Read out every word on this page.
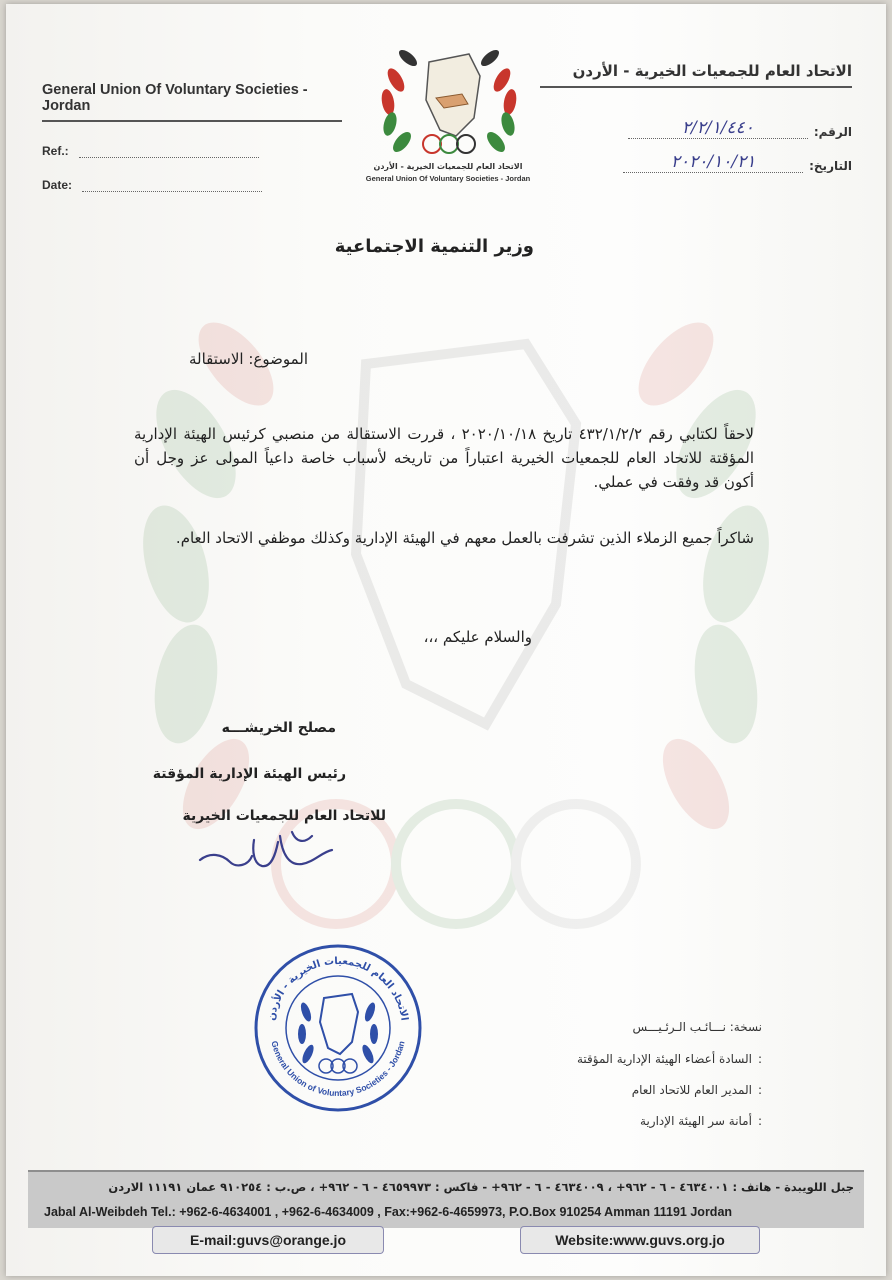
General Union Of Voluntary Societies - Jordan
الاتحاد العام للجمعيات الخيرية - الأردن
Ref.:
Date:
الرقم:٢/٢/١/٤٤٠
التاريخ:٢٠٢٠/١٠/٢١
الاتحاد العام للجمعيات الخيرية - الأردن
General Union Of Voluntary Societies - Jordan
وزير التنمية الاجتماعية
الموضوع: الاستقالة
لاحقاً لكتابي رقم ٤٣٢/١/٢/٢ تاريخ ٢٠٢٠/١٠/١٨ ، قررت الاستقالة من منصبي كرئيس الهيئة الإدارية المؤقتة للاتحاد العام للجمعيات الخيرية اعتباراً من تاريخه لأسباب خاصة داعياً المولى عز وجل أن أكون قد وفقت في عملي.
شاكراً جميع الزملاء الذين تشرفت بالعمل معهم في الهيئة الإدارية وكذلك موظفي الاتحاد العام.
والسلام عليكم ،،،
مصلح الخريشـــه
رئيس الهيئة الإدارية المؤقتة
للاتحاد العام للجمعيات الخيرية
الاتحاد العام للجمعيات الخيرية - الأردن
General Union of Voluntary Societies - Jordan
نسخة: نـــائـب الـرئـيـــس
:السادة أعضاء الهيئة الإدارية المؤقتة
:المدير العام للاتحاد العام
:أمانة سر الهيئة الإدارية
جبل اللويبدة - هاتف : ٤٦٣٤٠٠١ - ٦ - ٩٦٢+ ، ٤٦٣٤٠٠٩ - ٦ - ٩٦٢+ - فاكس : ٤٦٥٩٩٧٣ - ٦ - ٩٦٢+ ، ص.ب : ٩١٠٢٥٤ عمان ١١١٩١ الاردن
Jabal Al-Weibdeh Tel.: +962-6-4634001 , +962-6-4634009 , Fax:+962-6-4659973, P.O.Box 910254 Amman 11191 Jordan
E-mail:guvs@orange.jo	Website:www.guvs.org.jo
